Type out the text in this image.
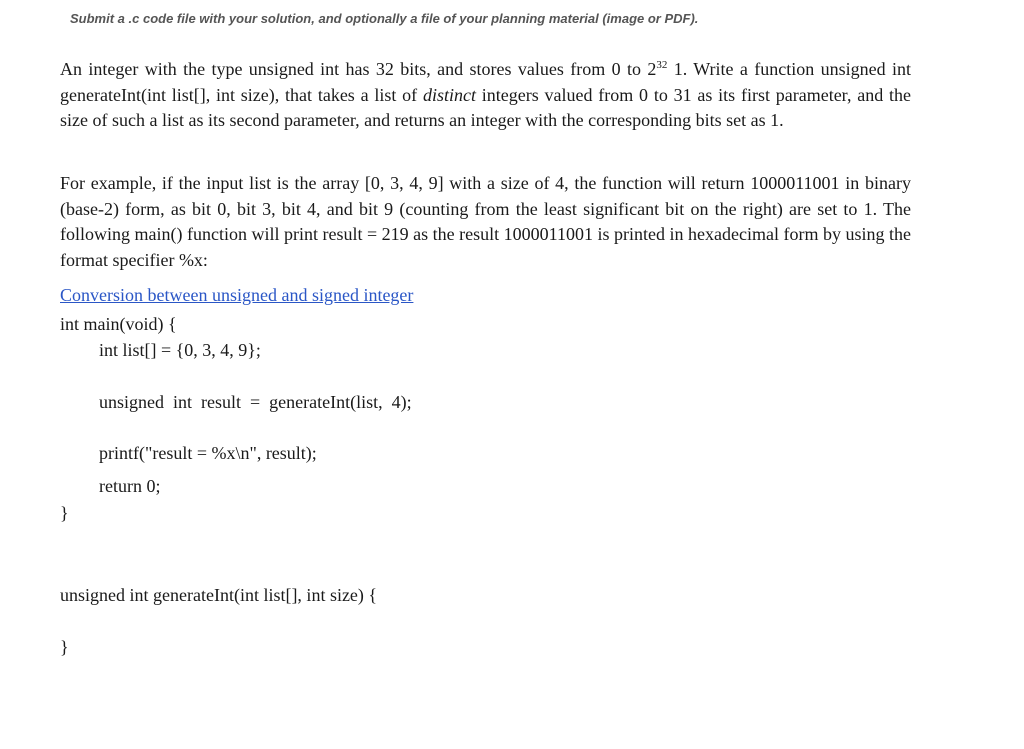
Submit a .c code file with your solution, and optionally a file of your planning material (image or PDF).

An integer with the type unsigned int has 32 bits, and stores values from 0 to $2^{32}$ 1. Write a function unsigned int generateInt(int list[], int size), that takes a list of distinct integers valued from 0 to 31 as its first parameter, and the size of such a list as its second parameter, and returns an integer with the corresponding bits set as 1.

For example, if the input list is the array [0, 3, 4, 9] with a size of 4, the function will return 1000011001 in binary (base-2) form, as bit 0, bit 3, bit 4, and bit 9 (counting from the least significant bit on the right) are set to 1. The following main() function will print result = 219 as the result 1000011001 is printed in hexadecimal form by using the format specifier %x:

Conversion between unsigned and signed integer
int main(void) {
int list[] = {0, 3, 4, 9};
unsigned  int  result  =  generateInt(list,  4);
printf("result = %x\n", result);
return 0;
}
unsigned int generateInt(int list[], int size) {
}
